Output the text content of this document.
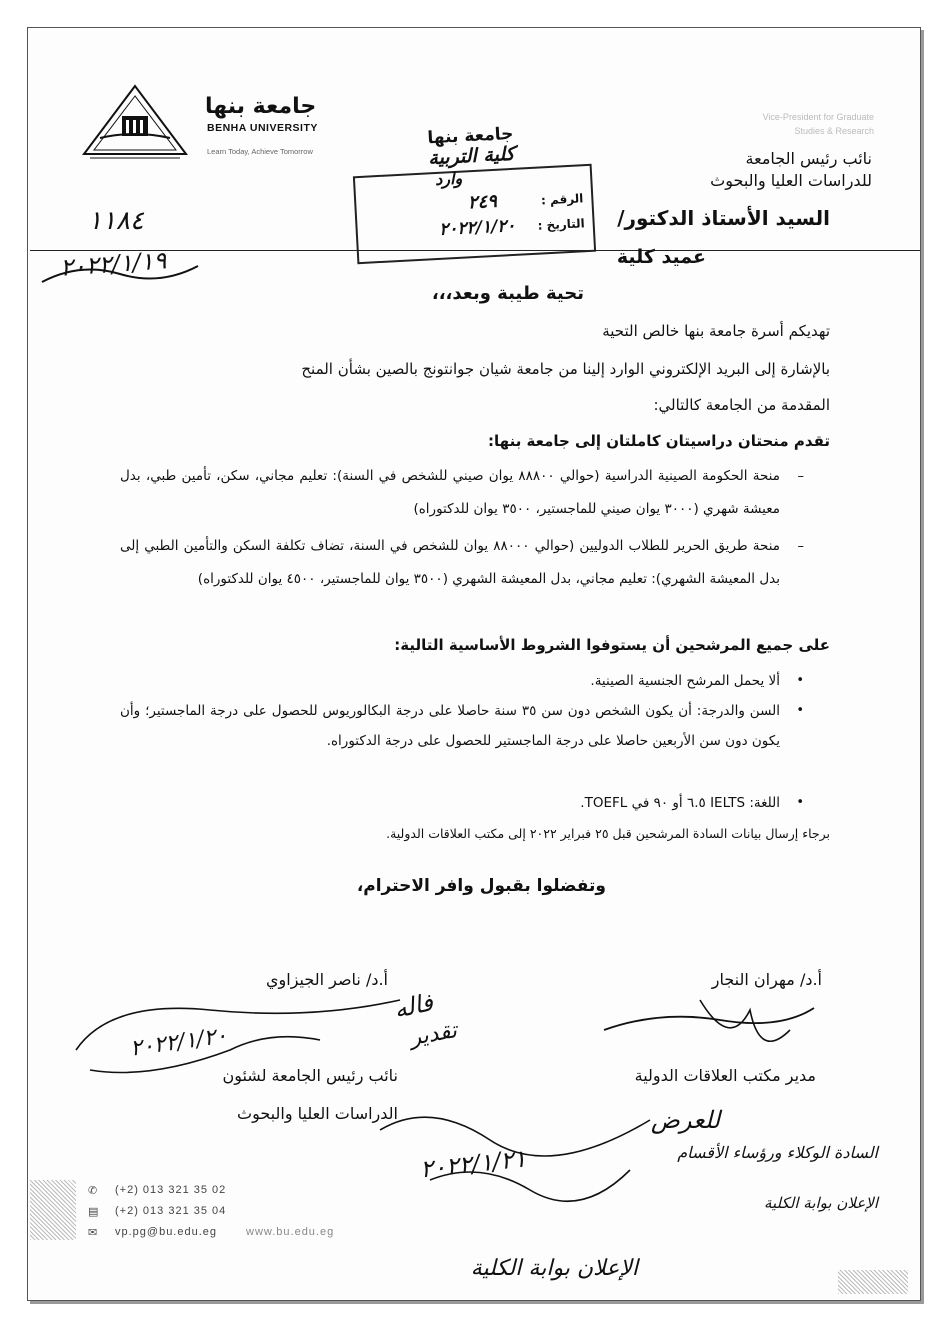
جامعة بنها
BENHA UNIVERSITY
Learn Today, Achieve Tomorrow
Vice-President for Graduate
Studies & Research
نائب رئيس الجامعة
للدراسات العليا والبحوث
١١٨٤
٢٠٢٢/١/١٩
جامعة بنها
كلية التربية
وارد
الرقم : ٢٤٩
التاريخ : ٢٠٢٢/١/٢٠	السيد الأستاذ الدكتور/
عميد كلية
تحية طيبة وبعد،،،
تهديكم أسرة جامعة بنها خالص التحية
بالإشارة إلى البريد الإلكتروني الوارد إلينا من جامعة شيان جوانتونج بالصين بشأن المنح
المقدمة من الجامعة كالتالي:
تقدم منحتان دراسيتان كاملتان إلى جامعة بنها:
–
منحة الحكومة الصينية الدراسية (حوالي ٨٨٨٠٠ يوان صيني للشخص في السنة): تعليم مجاني، سكن، تأمين طبي، بدل معيشة شهري (٣٠٠٠ يوان صيني للماجستير، ٣٥٠٠ يوان للدكتوراه)
–
منحة طريق الحرير للطلاب الدوليين (حوالي ٨٨٠٠٠ يوان للشخص في السنة، تضاف تكلفة السكن والتأمين الطبي إلى بدل المعيشة الشهري): تعليم مجاني، بدل المعيشة الشهري (٣٥٠٠ يوان للماجستير، ٤٥٠٠ يوان للدكتوراه)
على جميع المرشحين أن يستوفوا الشروط الأساسية التالية:
•
ألا يحمل المرشح الجنسية الصينية.
•
السن والدرجة: أن يكون الشخص دون سن ٣٥ سنة حاصلا على درجة البكالوريوس للحصول على درجة الماجستير؛ وأن يكون دون سن الأربعين حاصلا على درجة الماجستير للحصول على درجة الدكتوراه.
•
اللغة: IELTS ٦.٥ أو ٩٠ في TOEFL.
برجاء إرسال بيانات السادة المرشحين قبل ٢٥ فبراير ٢٠٢٢ إلى مكتب العلاقات الدولية.
وتفضلوا بقبول وافر الاحترام،
أ.د/ ناصر الجيزاوي
نائب رئيس الجامعة لشئون
الدراسات العليا والبحوث
أ.د/ مهران النجار
مدير مكتب العلاقات الدولية
٢٠٢٢/١/٢٠
فاله
تقدير
٢٠٢٢/١/٢١
للعرض
السادة الوكلاء ورؤساء الأقسام
الإعلان بوابة الكلية
الإعلان بوابة الكلية
✆ (+2) 013 321 35 02
▤ (+2) 013 321 35 04
✉ vp.pg@bu.edu.eg	www.bu.edu.eg
